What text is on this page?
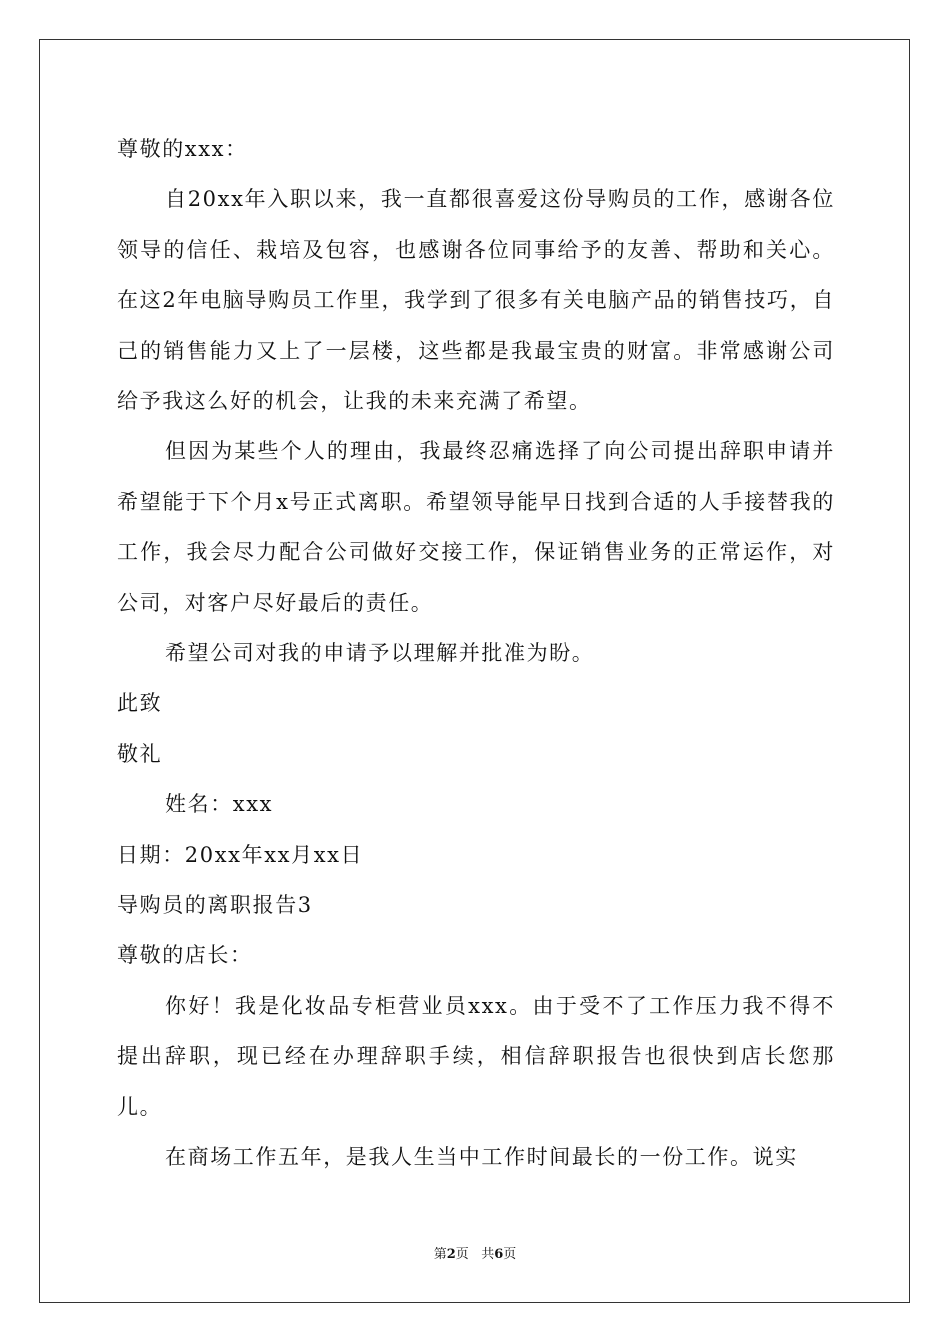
尊敬的xxx：

自20xx年入职以来，我一直都很喜爱这份导购员的工作，感谢各位领导的信任、栽培及包容，也感谢各位同事给予的友善、帮助和关心。在这2年电脑导购员工作里，我学到了很多有关电脑产品的销售技巧，自己的销售能力又上了一层楼，这些都是我最宝贵的财富。非常感谢公司给予我这么好的机会，让我的未来充满了希望。

但因为某些个人的理由，我最终忍痛选择了向公司提出辞职申请并希望能于下个月x号正式离职。希望领导能早日找到合适的人手接替我的工作，我会尽力配合公司做好交接工作，保证销售业务的正常运作，对公司，对客户尽好最后的责任。

希望公司对我的申请予以理解并批准为盼。

此致
敬礼
姓名：xxx
日期：20xx年xx月xx日
导购员的离职报告3
尊敬的店长：

你好！我是化妆品专柜营业员xxx。由于受不了工作压力我不得不提出辞职，现已经在办理辞职手续，相信辞职报告也很快到店长您那儿。

在商场工作五年，是我人生当中工作时间最长的一份工作。说实

第2页 共6页
